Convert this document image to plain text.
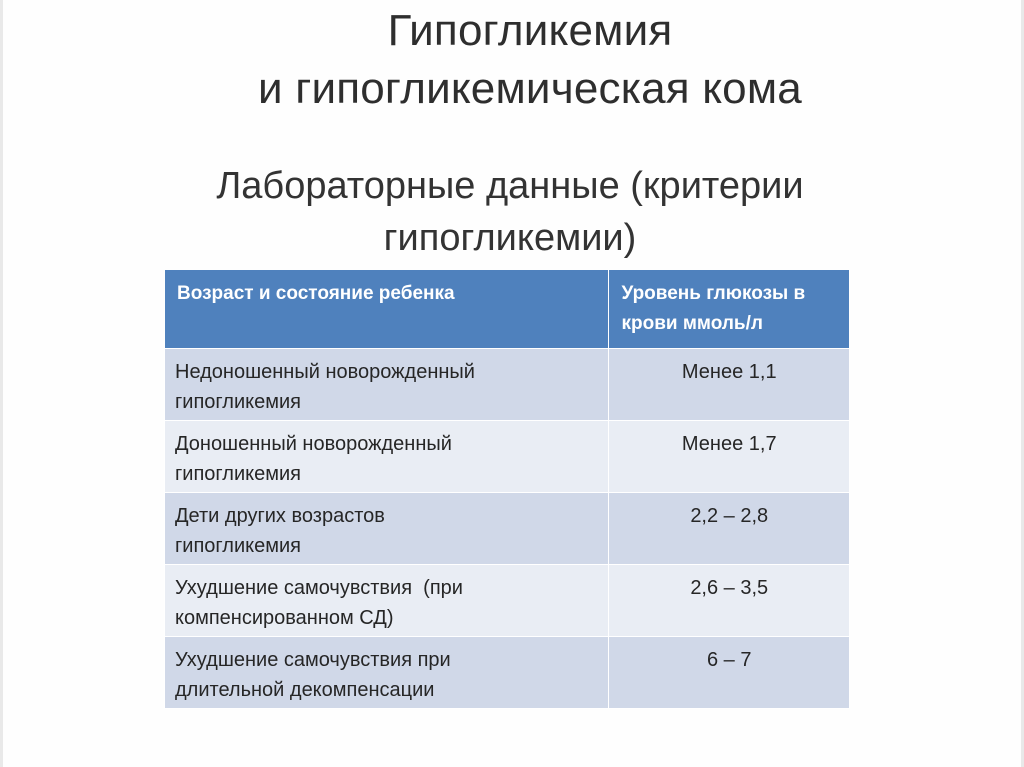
Гипогликемия
и гипогликемическая кома
Лабораторные данные (критерии
гипогликемии)
Возраст и состояние ребенка	Уровень глюкозы в
крови ммоль/л

Недоношенный новорожденный
гипогликемия	Менее 1,1

Доношенный новорожденный
гипогликемия	Менее 1,7

Дети других возрастов
гипогликемия	2,2 – 2,8

Ухудшение самочувствия  (при
компенсированном СД)	2,6 – 3,5

Ухудшение самочувствия при
длительной декомпенсации	6 – 7
